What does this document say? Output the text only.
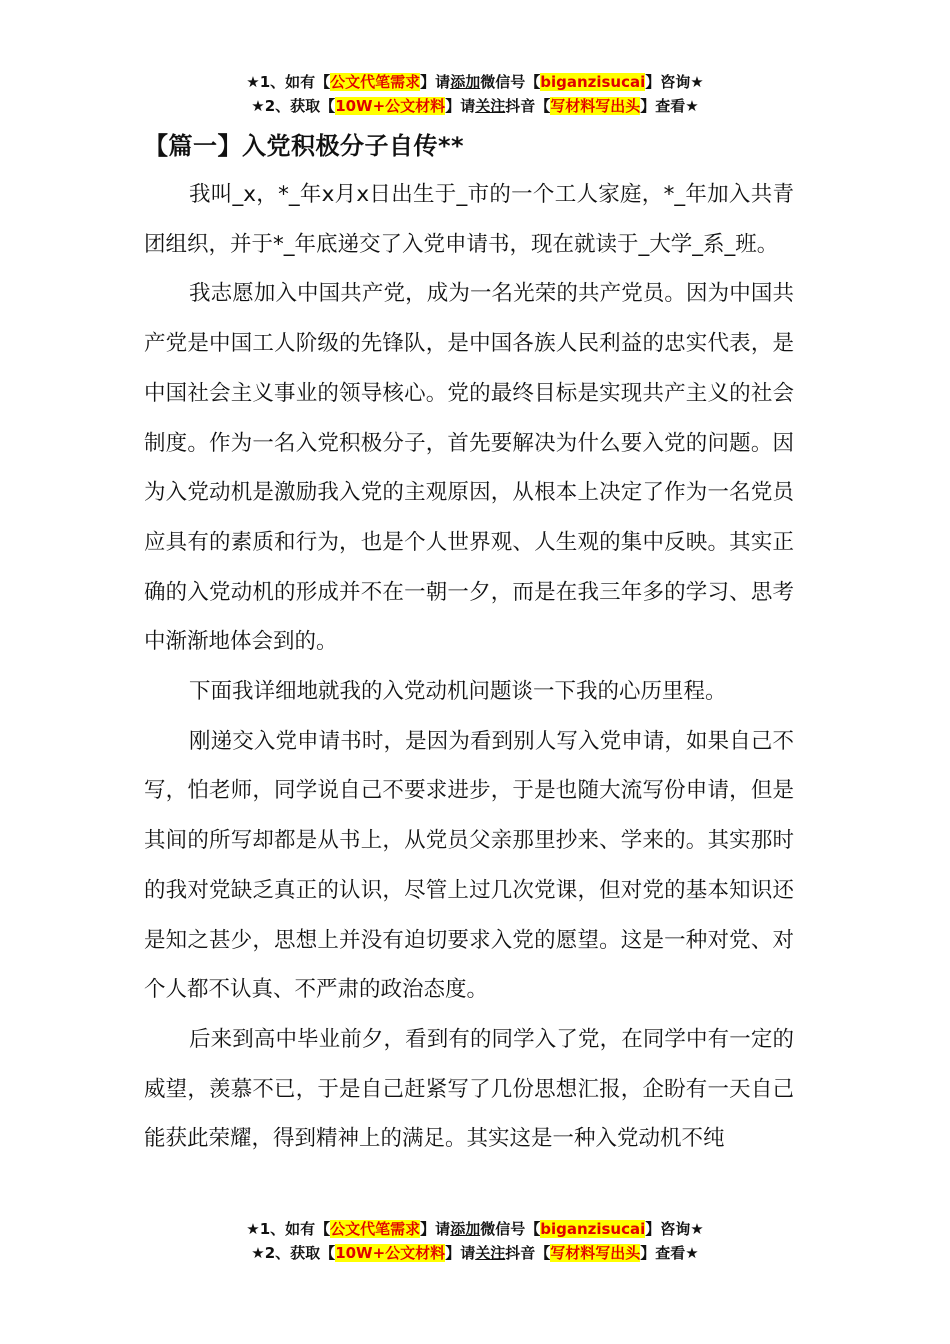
★1、如有【公文代笔需求】请添加微信号【biganzisucai】咨询★
★2、获取【10W+公文材料】请关注抖音【写材料写出头】查看★
【篇一】入党积极分子自传**

我叫_x，*_年x月x日出生于_市的一个工人家庭，*_年加入共青团组织，并于*_年底递交了入党申请书，现在就读于_大学_系_班。

我志愿加入中国共产党，成为一名光荣的共产党员。因为中国共产党是中国工人阶级的先锋队，是中国各族人民利益的忠实代表，是中国社会主义事业的领导核心。党的最终目标是实现共产主义的社会制度。作为一名入党积极分子，首先要解决为什么要入党的问题。因为入党动机是激励我入党的主观原因，从根本上决定了作为一名党员应具有的素质和行为，也是个人世界观、人生观的集中反映。其实正确的入党动机的形成并不在一朝一夕，而是在我三年多的学习、思考中渐渐地体会到的。

下面我详细地就我的入党动机问题谈一下我的心历里程。

刚递交入党申请书时，是因为看到别人写入党申请，如果自己不写，怕老师，同学说自己不要求进步，于是也随大流写份申请，但是其间的所写却都是从书上，从党员父亲那里抄来、学来的。其实那时的我对党缺乏真正的认识，尽管上过几次党课，但对党的基本知识还是知之甚少，思想上并没有迫切要求入党的愿望。这是一种对党、对个人都不认真、不严肃的政治态度。

后来到高中毕业前夕，看到有的同学入了党，在同学中有一定的威望，羡慕不已，于是自己赶紧写了几份思想汇报，企盼有一天自己能获此荣耀，得到精神上的满足。其实这是一种入党动机不纯

★1、如有【公文代笔需求】请添加微信号【biganzisucai】咨询★
★2、获取【10W+公文材料】请关注抖音【写材料写出头】查看★
